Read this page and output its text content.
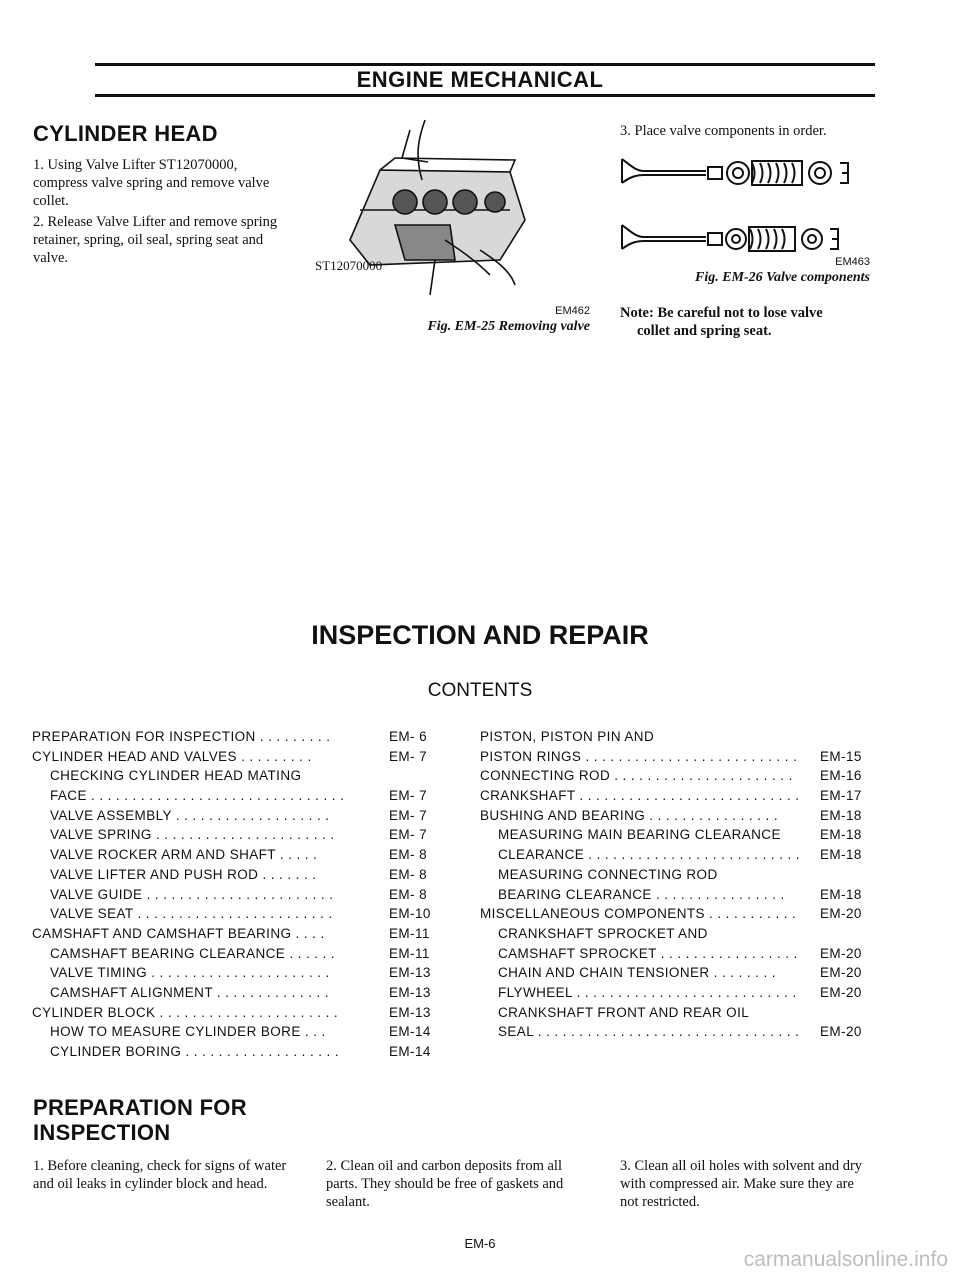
ENGINE MECHANICAL
CYLINDER HEAD
1. Using Valve Lifter ST12070000, compress valve spring and remove valve collet.
2. Release Valve Lifter and remove spring retainer, spring, oil seal, spring seat and valve.	ST12070000
EM462
Fig. EM-25 Removing valve
3. Place valve components in order.
EM463
Fig. EM-26 Valve components
Note: Be careful not to lose valve
collet and spring seat.
INSPECTION AND REPAIR
CONTENTS
PREPARATION FOR INSPECTION . . . . . . . . .	EM- 6
CYLINDER HEAD AND VALVES . . . . . . . . .	EM- 7
CHECKING CYLINDER HEAD MATING
FACE . . . . . . . . . . . . . . . . . . . . . . . . . . . . . . .	EM- 7
VALVE ASSEMBLY . . . . . . . . . . . . . . . . . . .	EM- 7
VALVE SPRING . . . . . . . . . . . . . . . . . . . . . .	EM- 7
VALVE ROCKER ARM AND SHAFT . . . . .	EM- 8
VALVE LIFTER AND PUSH ROD . . . . . . .	EM- 8
VALVE GUIDE . . . . . . . . . . . . . . . . . . . . . . .	EM- 8
VALVE SEAT . . . . . . . . . . . . . . . . . . . . . . . .	EM-10
CAMSHAFT AND CAMSHAFT BEARING . . . .	EM-11
CAMSHAFT BEARING CLEARANCE . . . . . .	EM-11
VALVE TIMING . . . . . . . . . . . . . . . . . . . . . .	EM-13
CAMSHAFT ALIGNMENT . . . . . . . . . . . . . .	EM-13
CYLINDER BLOCK . . . . . . . . . . . . . . . . . . . . . .	EM-13
HOW TO MEASURE CYLINDER BORE . . .	EM-14
CYLINDER BORING . . . . . . . . . . . . . . . . . . .	EM-14
PISTON, PISTON PIN AND
PISTON RINGS . . . . . . . . . . . . . . . . . . . . . . . . . . EM-15
CONNECTING ROD . . . . . . . . . . . . . . . . . . . . . . EM-16
CRANKSHAFT . . . . . . . . . . . . . . . . . . . . . . . . . . . EM-17
BUSHING AND BEARING . . . . . . . . . . . . . . . .	EM-18
MEASURING MAIN BEARING CLEARANCE	EM-18
CLEARANCE . . . . . . . . . . . . . . . . . . . . . . . . . . EM-18
MEASURING CONNECTING ROD
BEARING CLEARANCE . . . . . . . . . . . . . . . .	EM-18
MISCELLANEOUS COMPONENTS . . . . . . . . . . . EM-20
CRANKSHAFT SPROCKET AND
CAMSHAFT SPROCKET . . . . . . . . . . . . . . . . . EM-20
CHAIN AND CHAIN TENSIONER . . . . . . . .	EM-20
FLYWHEEL . . . . . . . . . . . . . . . . . . . . . . . . . . . EM-20
CRANKSHAFT FRONT AND REAR OIL
SEAL . . . . . . . . . . . . . . . . . . . . . . . . . . . . . . . . EM-20
PREPARATION FOR
INSPECTION
1. Before cleaning, check for signs of water and oil leaks in cylinder block and head.
2. Clean oil and carbon deposits from all parts. They should be free of gaskets and sealant.
3. Clean all oil holes with solvent and dry with compressed air. Make sure they are not restricted.
EM-6
carmanualsonline.info
